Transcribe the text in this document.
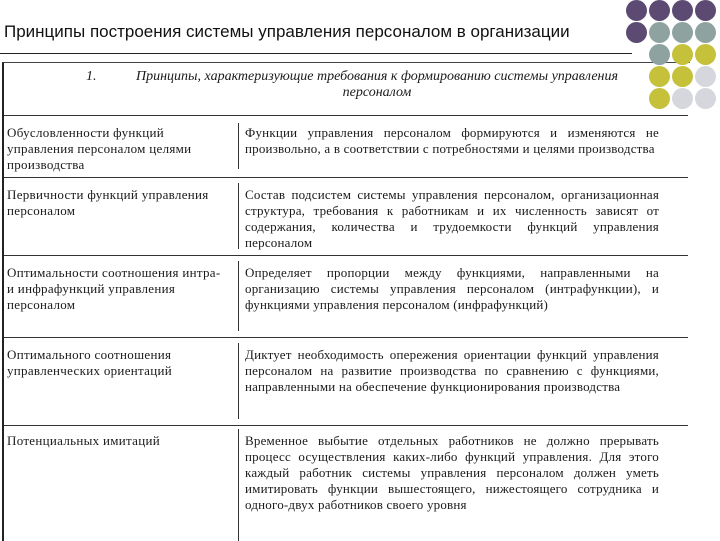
Принципы построения системы управления персоналом в организации
1.	Принципы, характеризующие требования к формированию системы управления персоналом
Обусловленности функций управления персоналом целями производства
Функции управления персоналом формируются и изменяются не произвольно, а в соответствии с потребностями и целями производства
Первичности функций управления персоналом
Состав подсистем системы управления персоналом, организационная структура, требования к работникам и их численность зависят от содержания, количества и трудоемкости функций управления персоналом
Оптимальности соотношения интра- и инфрафункций управления персоналом
Определяет пропорции между функциями, направленными на организацию системы управления персоналом (интрафункции), и функциями управления персоналом (инфрафункций)
Оптимального соотношения управленческих ориентаций
Диктует необходимость опережения ориентации функций управления персоналом на развитие производства по сравнению с функциями, направленными на обеспечение функционирования производства
Потенциальных имитаций	Временное выбытие отдельных работников не должно прерывать процесс осуществления каких-либо функций управления. Для этого каждый работник системы управления персоналом должен уметь имитировать функции вышестоящего, нижестоящего сотрудника и одного-двух работников своего уровня
